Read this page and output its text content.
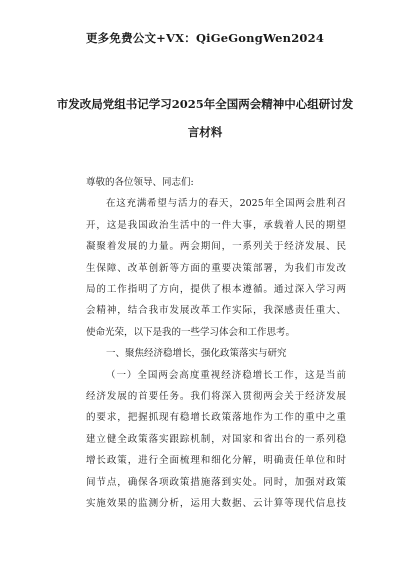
更多免费公文+VX：QiGeGongWen2024
市发改局党组书记学习2025年全国两会精神中心组研讨发
言材料
尊敬的各位领导、同志们:
在这充满希望与活力的春天，2025年全国两会胜利召
开，这是我国政治生活中的一件大事，承载着人民的期望
凝聚着发展的力量。两会期间，一系列关于经济发展、民
生保障、改革创新等方面的重要决策部署，为我们市发改
局的工作指明了方向，提供了根本遵循。通过深入学习两
会精神，结合我市发展改革工作实际，我深感责任重大、
使命光荣，以下是我的一些学习体会和工作思考。
一、聚焦经济稳增长，强化政策落实与研究
（一）全国两会高度重视经济稳增长工作，这是当前
经济发展的首要任务。我们将深入贯彻两会关于经济发展
的要求，把握抓现有稳增长政策落地作为工作的重中之重
建立健全政策落实跟踪机制，对国家和省出台的一系列稳
增长政策，进行全面梳理和细化分解，明确责任单位和时
间节点，确保各项政策措施落到实处。同时，加强对政策
实施效果的监测分析，运用大数据、云计算等现代信息技
